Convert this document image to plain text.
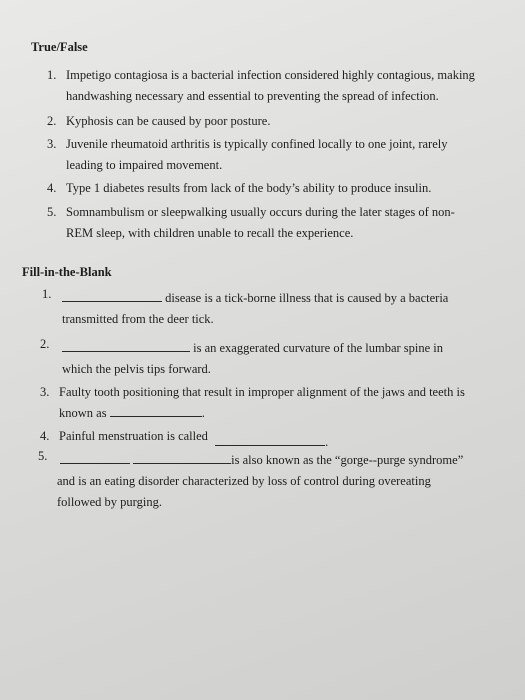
True/False
1. Impetigo contagiosa is a bacterial infection considered highly contagious, making
handwashing necessary and essential to preventing the spread of infection.
2. Kyphosis can be caused by poor posture.
3. Juvenile rheumatoid arthritis is typically confined locally to one joint, rarely
leading to impaired movement.
4. Type 1 diabetes results from lack of the body’s ability to produce insulin.
5. Somnambulism or sleepwalking usually occurs during the later stages of non-
REM sleep, with children unable to recall the experience.
Fill-in-the-Blank
1.	disease is a tick-borne illness that is caused by a bacteria
transmitted from the deer tick.
2.	is an exaggerated curvature of the lumbar spine in
which the pelvis tips forward.
3. Faulty tooth positioning that result in improper alignment of the jaws and teeth is
known as	.
4. Painful menstruation is called	.
5.	is also known as the “gorge--purge syndrome”
and is an eating disorder characterized by loss of control during overeating
followed by purging.
